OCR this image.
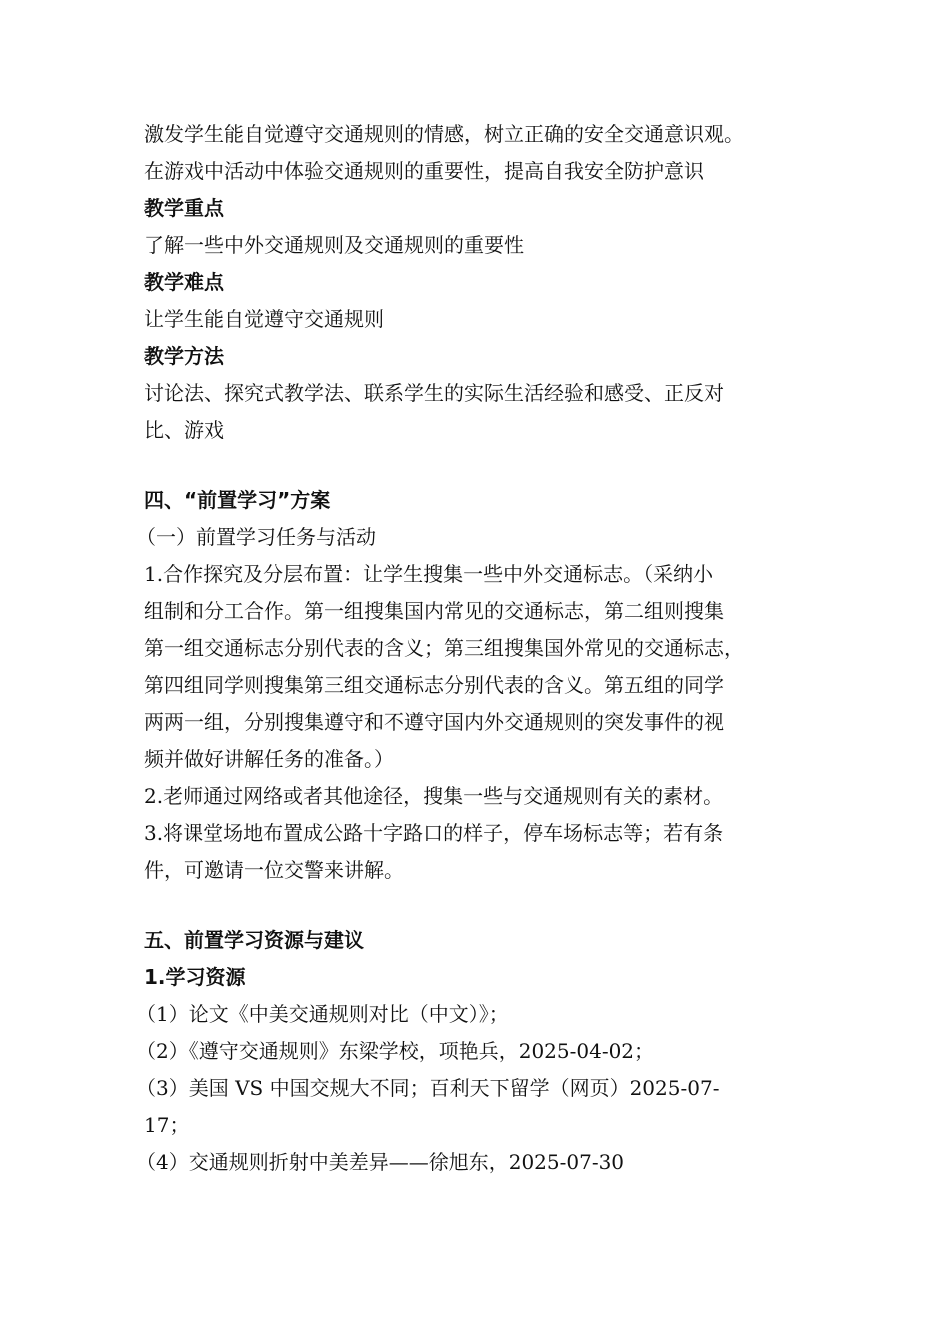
激发学生能自觉遵守交通规则的情感，树立正确的安全交通意识观。

在游戏中活动中体验交通规则的重要性，提高自我安全防护意识

教学重点

了解一些中外交通规则及交通规则的重要性

教学难点

让学生能自觉遵守交通规则

教学方法

讨论法、探究式教学法、联系学生的实际生活经验和感受、正反对

比、游戏

四、“前置学习”方案

（一）前置学习任务与活动

1.合作探究及分层布置：让学生搜集一些中外交通标志。（采纳小

组制和分工合作。第一组搜集国内常见的交通标志，第二组则搜集

第一组交通标志分别代表的含义；第三组搜集国外常见的交通标志，

第四组同学则搜集第三组交通标志分别代表的含义。第五组的同学

两两一组，分别搜集遵守和不遵守国内外交通规则的突发事件的视

频并做好讲解任务的准备。）

2.老师通过网络或者其他途径，搜集一些与交通规则有关的素材。

3.将课堂场地布置成公路十字路口的样子，停车场标志等；若有条

件，可邀请一位交警来讲解。

五、前置学习资源与建议

1.学习资源

（1）论文《中美交通规则对比（中文）》；

（2）《遵守交通规则》东梁学校，项艳兵，2025-04-02；

（3）美国 VS 中国交规大不同；百利天下留学（网页）2025-07-

17；

（4）交通规则折射中美差异——徐旭东，2025-07-30
